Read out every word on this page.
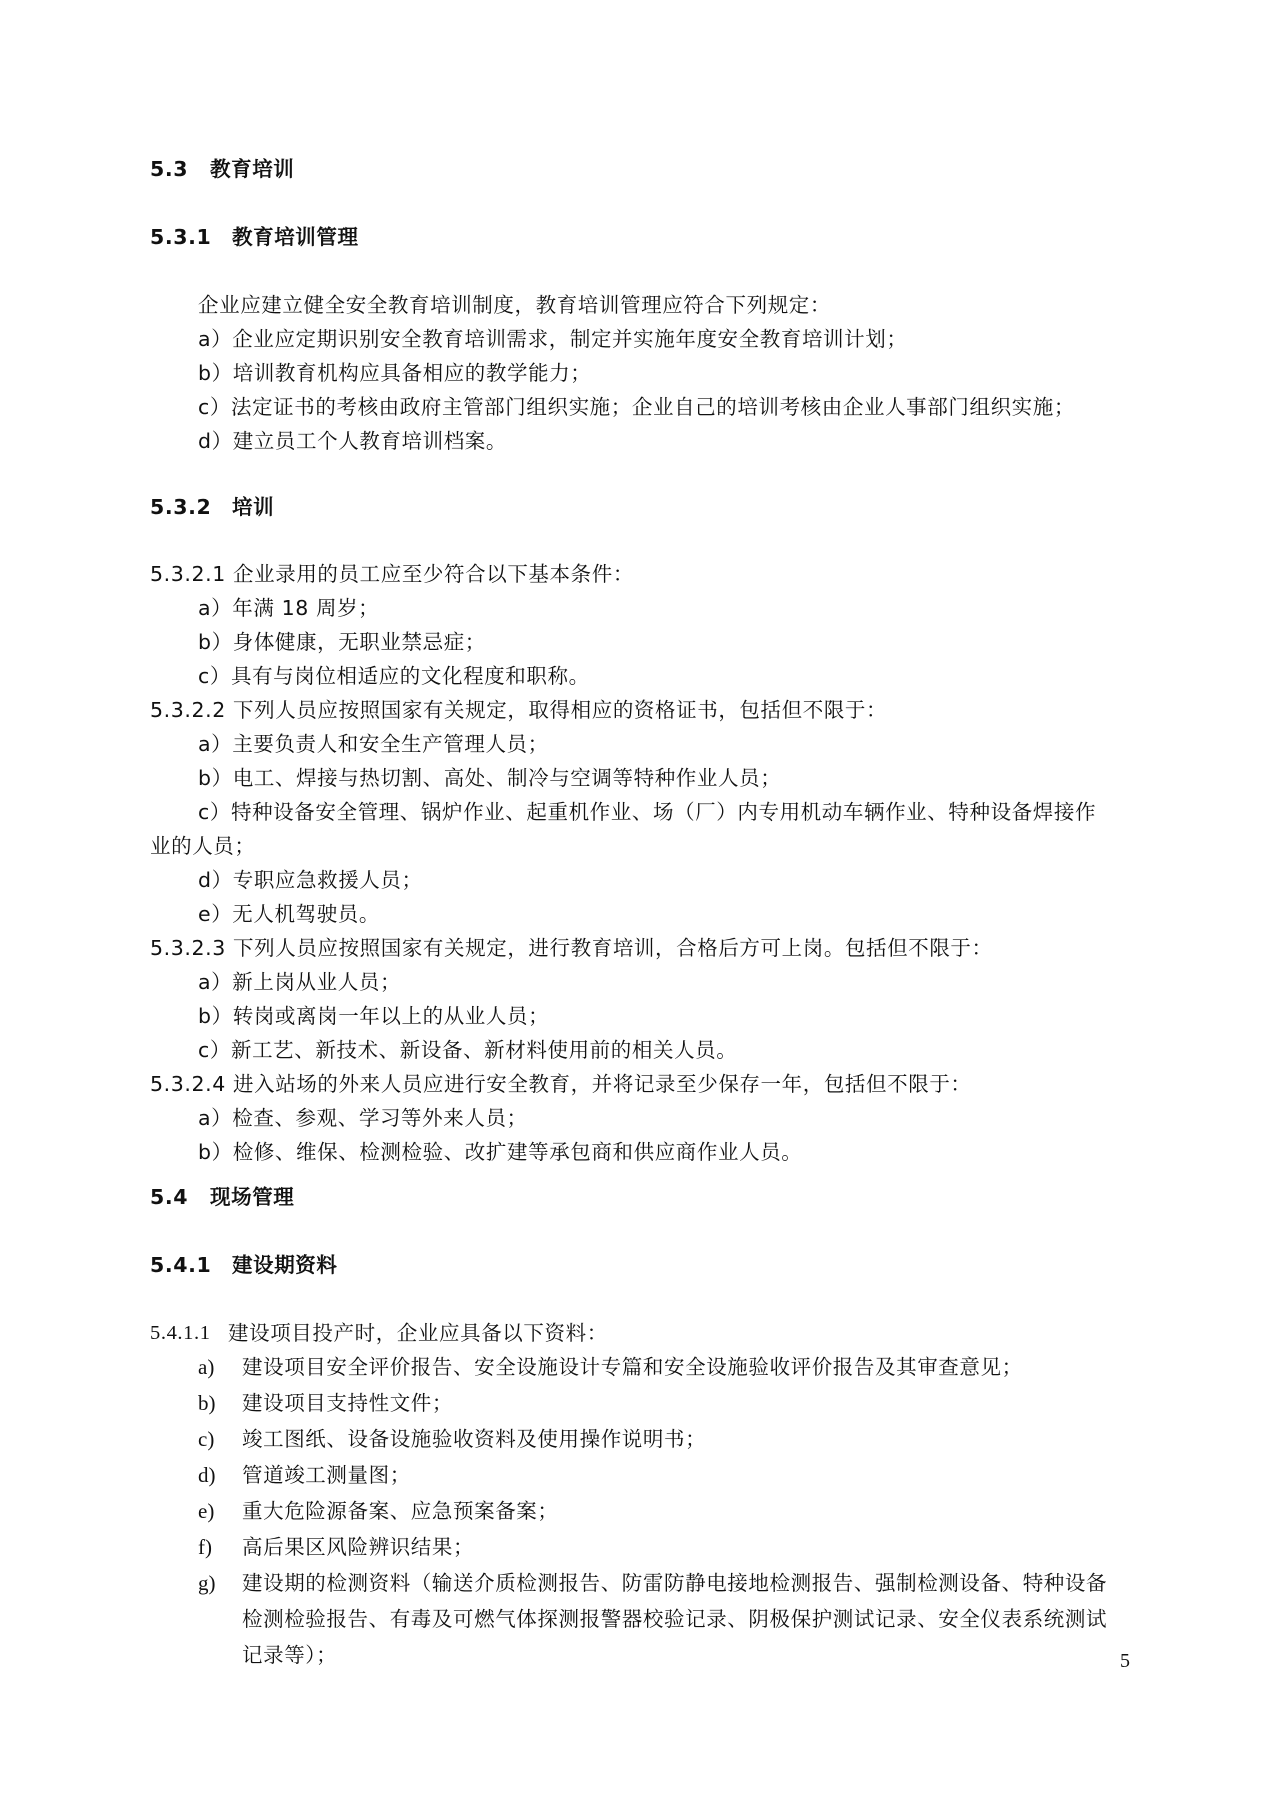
5.3 教育培训
5.3.1 教育培训管理
企业应建立健全安全教育培训制度，教育培训管理应符合下列规定：
a）企业应定期识别安全教育培训需求，制定并实施年度安全教育培训计划；
b）培训教育机构应具备相应的教学能力；
c）法定证书的考核由政府主管部门组织实施；企业自己的培训考核由企业人事部门组织实施；
d）建立员工个人教育培训档案。
5.3.2 培训
5.3.2.1 企业录用的员工应至少符合以下基本条件：
a）年满 18 周岁；
b）身体健康，无职业禁忌症；
c）具有与岗位相适应的文化程度和职称。
5.3.2.2 下列人员应按照国家有关规定，取得相应的资格证书，包括但不限于：
a）主要负责人和安全生产管理人员；
b）电工、焊接与热切割、高处、制冷与空调等特种作业人员；
c）特种设备安全管理、锅炉作业、起重机作业、场（厂）内专用机动车辆作业、特种设备焊接作
业的人员；
d）专职应急救援人员；
e）无人机驾驶员。
5.3.2.3 下列人员应按照国家有关规定，进行教育培训，合格后方可上岗。包括但不限于：
a）新上岗从业人员；
b）转岗或离岗一年以上的从业人员；
c）新工艺、新技术、新设备、新材料使用前的相关人员。
5.3.2.4 进入站场的外来人员应进行安全教育，并将记录至少保存一年，包括但不限于：
a）检查、参观、学习等外来人员；
b）检修、维保、检测检验、改扩建等承包商和供应商作业人员。
5.4 现场管理
5.4.1 建设期资料
5.4.1.1 建设项目投产时，企业应具备以下资料：
a) 建设项目安全评价报告、安全设施设计专篇和安全设施验收评价报告及其审查意见；
b) 建设项目支持性文件；
c) 竣工图纸、设备设施验收资料及使用操作说明书；
d) 管道竣工测量图；
e) 重大危险源备案、应急预案备案；
f) 高后果区风险辨识结果；
g) 建设期的检测资料（输送介质检测报告、防雷防静电接地检测报告、强制检测设备、特种设备
检测检验报告、有毒及可燃气体探测报警器校验记录、阴极保护测试记录、安全仪表系统测试
记录等）；	5
